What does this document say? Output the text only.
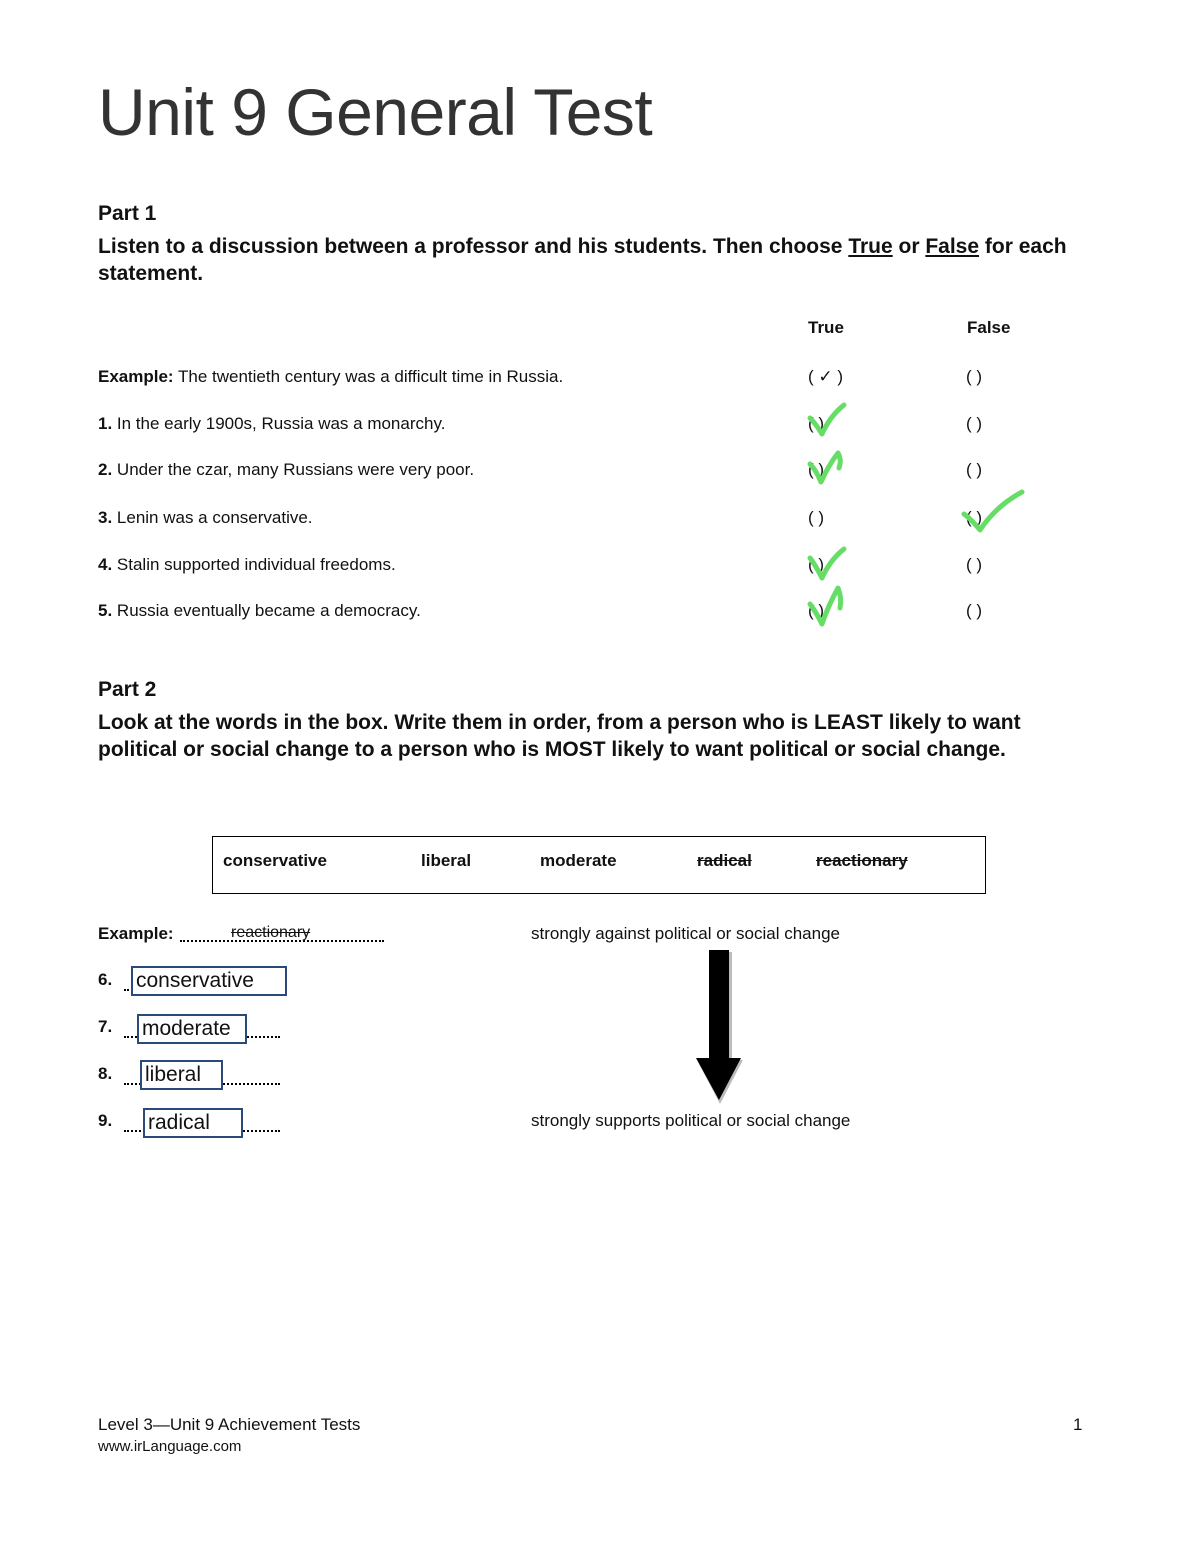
Unit 9 General Test
Part 1
Listen to a discussion between a professor and his students. Then choose True or False for each statement.
True	False
Example: The twentieth century was a difficult time in Russia.	( ✓ )	( )
1. In the early 1900s, Russia was a monarchy.	( )	( )
2. Under the czar, many Russians were very poor.	( )	( )
3. Lenin was a conservative.	( )	( )
4. Stalin supported individual freedoms.	( )	( )
5. Russia eventually became a democracy.	( )	( )
Part 2
Look at the words in the box. Write them in order, from a person who is LEAST likely to want political or social change to a person who is MOST likely to want political or social change.
conservative	liberal	moderate	radical	reactionary
Example:	reactionary
6. conservative
7. moderate
8. liberal
9. radical
strongly against political or social change
strongly supports political or social change
Level 3—Unit 9 Achievement Tests	1
www.irLanguage.com
